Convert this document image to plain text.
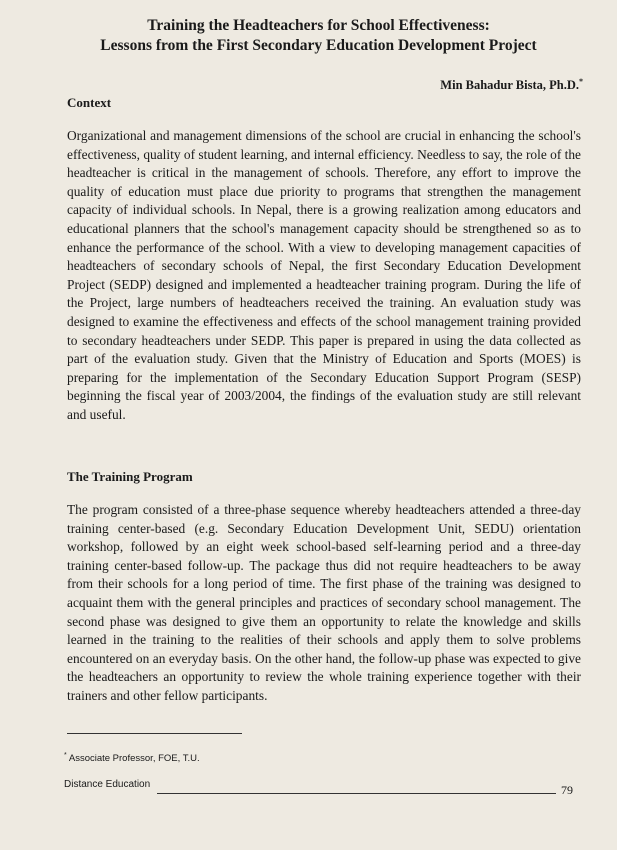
Training the Headteachers for School Effectiveness:
Lessons from the First Secondary Education Development Project
Min Bahadur Bista, Ph.D.*
Context

Organizational and management dimensions of the school are crucial in enhancing the school's effectiveness, quality of student learning, and internal efficiency. Needless to say, the role of the headteacher is critical in the management of schools. Therefore, any effort to improve the quality of education must place due priority to programs that strengthen the management capacity of individual schools. In Nepal, there is a growing realization among educators and educational planners that the school's management capacity should be strengthened so as to enhance the performance of the school. With a view to developing management capacities of headteachers of secondary schools of Nepal, the first Secondary Education Development Project (SEDP) designed and implemented a headteacher training program. During the life of the Project, large numbers of headteachers received the training. An evaluation study was designed to examine the effectiveness and effects of the school management training provided to secondary headteachers under SEDP. This paper is prepared in using the data collected as part of the evaluation study. Given that the Ministry of Education and Sports (MOES) is preparing for the implementation of the Secondary Education Support Program (SESP) beginning the fiscal year of 2003/2004, the findings of the evaluation study are still relevant and useful.

The Training Program

The program consisted of a three-phase sequence whereby headteachers attended a three-day training center-based (e.g. Secondary Education Development Unit, SEDU) orientation workshop, followed by an eight week school-based self-learning period and a three-day training center-based follow-up. The package thus did not require headteachers to be away from their schools for a long period of time. The first phase of the training was designed to acquaint them with the general principles and practices of secondary school management. The second phase was designed to give them an opportunity to relate the knowledge and skills learned in the training to the realities of their schools and apply them to solve problems encountered on an everyday basis. On the other hand, the follow-up phase was expected to give the headteachers an opportunity to review the whole training experience together with their trainers and other fellow participants.

* Associate Professor, FOE, T.U.
Distance Education	79
